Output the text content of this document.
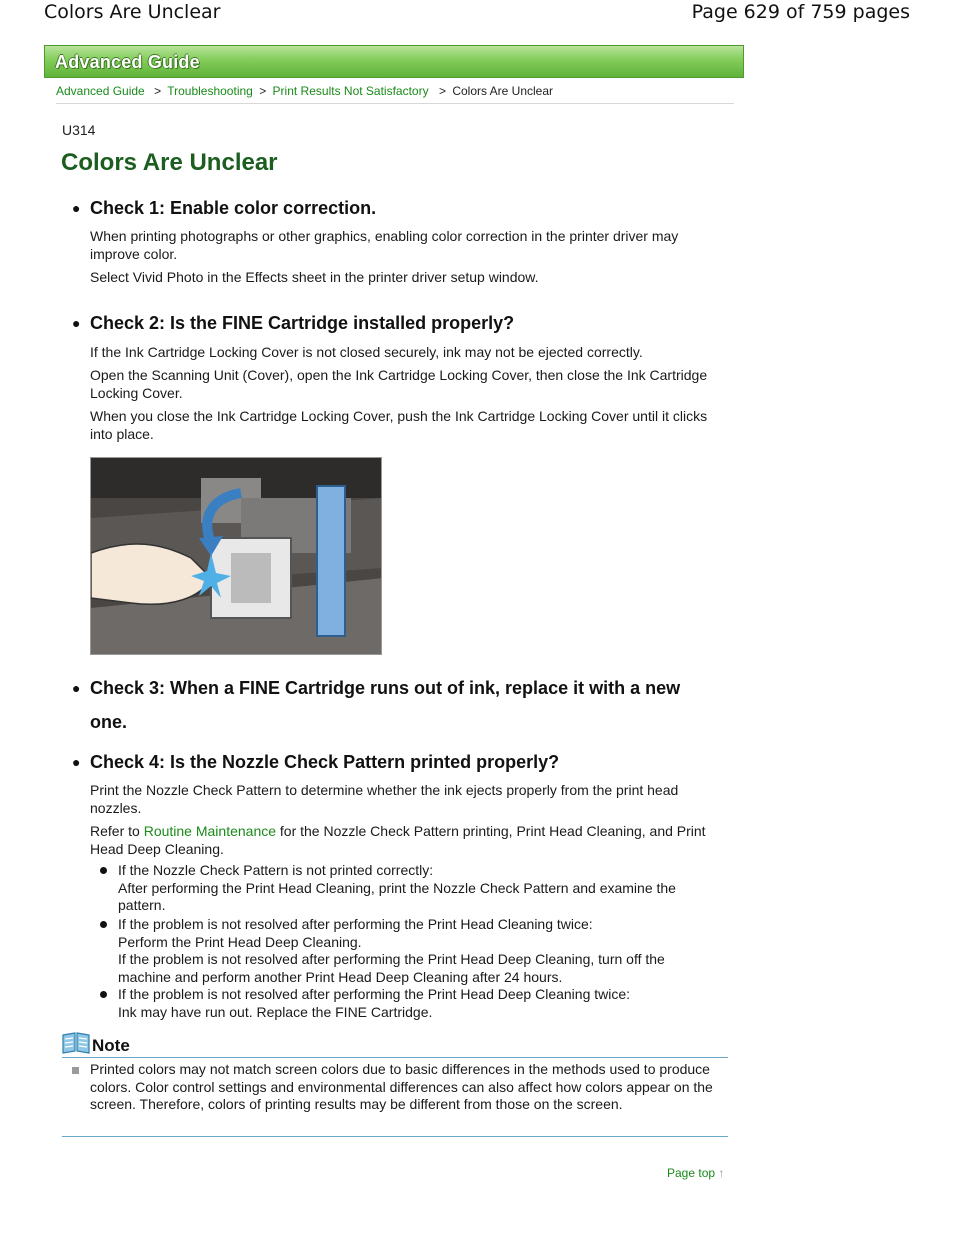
Colors Are Unclear	Page 629 of 759 pages
Advanced Guide
Advanced Guide > Troubleshooting > Print Results Not Satisfactory > Colors Are Unclear
U314
Colors Are Unclear
● Check 1: Enable color correction.
When printing photographs or other graphics, enabling color correction in the printer driver may improve color.
Select Vivid Photo in the Effects sheet in the printer driver setup window.
● Check 2: Is the FINE Cartridge installed properly?
If the Ink Cartridge Locking Cover is not closed securely, ink may not be ejected correctly.
Open the Scanning Unit (Cover), open the Ink Cartridge Locking Cover, then close the Ink Cartridge Locking Cover.
When you close the Ink Cartridge Locking Cover, push the Ink Cartridge Locking Cover until it clicks into place.
● Check 3: When a FINE Cartridge runs out of ink, replace it with a new
one.
● Check 4: Is the Nozzle Check Pattern printed properly?
Print the Nozzle Check Pattern to determine whether the ink ejects properly from the print head nozzles.
Refer to Routine Maintenance for the Nozzle Check Pattern printing, Print Head Cleaning, and Print Head Deep Cleaning.
If the Nozzle Check Pattern is not printed correctly:
After performing the Print Head Cleaning, print the Nozzle Check Pattern and examine the pattern.
If the problem is not resolved after performing the Print Head Cleaning twice:
Perform the Print Head Deep Cleaning.
If the problem is not resolved after performing the Print Head Deep Cleaning, turn off the machine and perform another Print Head Deep Cleaning after 24 hours.
If the problem is not resolved after performing the Print Head Deep Cleaning twice:
Ink may have run out. Replace the FINE Cartridge.
Note
Printed colors may not match screen colors due to basic differences in the methods used to produce colors. Color control settings and environmental differences can also affect how colors appear on the screen. Therefore, colors of printing results may be different from those on the screen.
Page top ↑
